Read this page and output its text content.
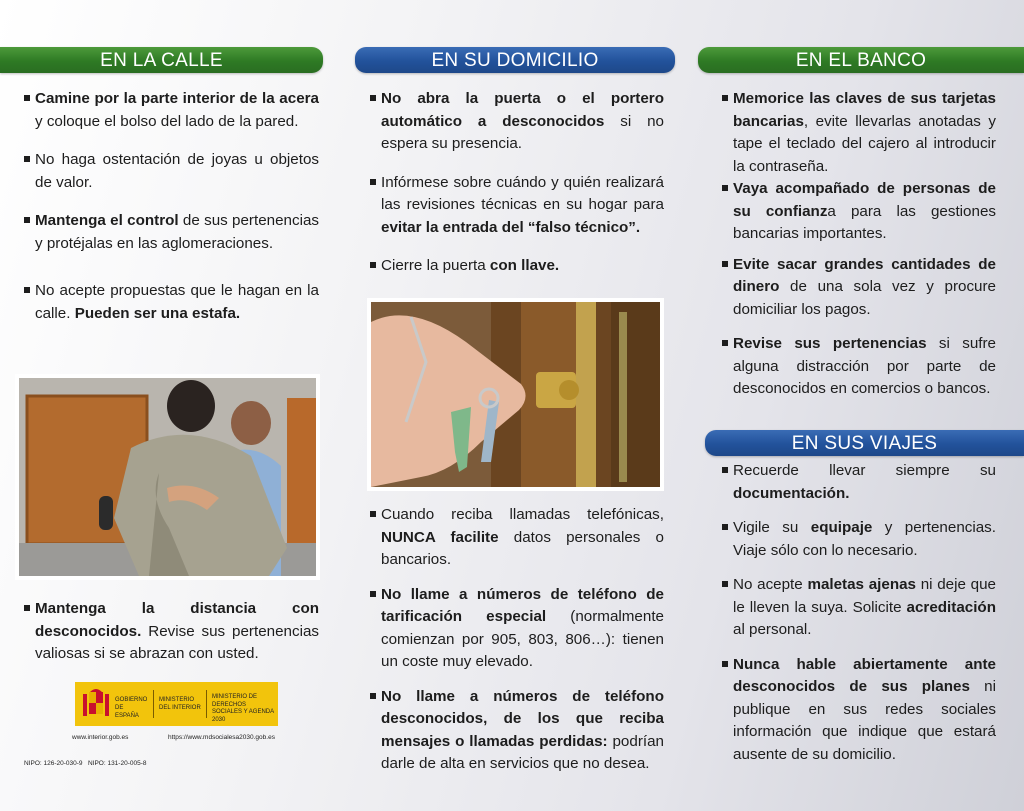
EN LA CALLE	EN SU DOMICILIO	EN EL BANCO
EN SUS VIAJES
Camine por la parte interior de la acera y coloque el bolso del lado de la pared.
No haga ostentación de joyas u objetos de valor.
Mantenga el control de sus pertenencias y protéjalas en las aglomeraciones.
No acepte propuestas que le hagan en la calle. Pueden ser una estafa.
Mantenga la distancia con desconocidos. Revise sus pertenencias valiosas si se abrazan con usted.
No abra la puerta o el portero automático a desconocidos si no espera su presencia.
Infórmese sobre cuándo y quién realizará las revisiones técnicas en su hogar para evitar la entrada del “falso técnico”.
Cierre la puerta con llave.
Cuando reciba llamadas telefónicas, NUNCA facilite datos personales o bancarios.
No llame a números de teléfono de tarificación especial (normalmente comienzan por 905, 803, 806…): tienen un coste muy elevado.
No llame a números de teléfono desconocidos, de los que reciba mensajes o llamadas perdidas: podrían darle de alta en servicios que no desea.
Memorice las claves de sus tarjetas bancarias, evite llevarlas anotadas y tape el teclado del cajero al introducir la contraseña.
Vaya acompañado de personas de su confianza para las gestiones bancarias importantes.
Evite sacar grandes cantidades de dinero de una sola vez y procure domiciliar los pagos.
Revise sus pertenencias si sufre alguna distracción por parte de desconocidos en comercios o bancos.
Recuerde llevar siempre su documentación.
Vigile su equipaje y pertenencias. Viaje sólo con lo necesario.
No acepte maletas ajenas ni deje que le lleven la suya. Solicite acreditación al personal.
Nunca hable abiertamente ante desconocidos de sus planes ni publique en sus redes sociales información que indique que estará ausente de su domicilio.
GOBIERNO DE ESPAÑA
MINISTERIO DEL INTERIOR
MINISTERIO DE DERECHOS SOCIALES Y AGENDA 2030
www.interior.gob.es	https://www.mdsocialesa2030.gob.es
NIPO: 126-20-030-9   NIPO: 131-20-005-8
